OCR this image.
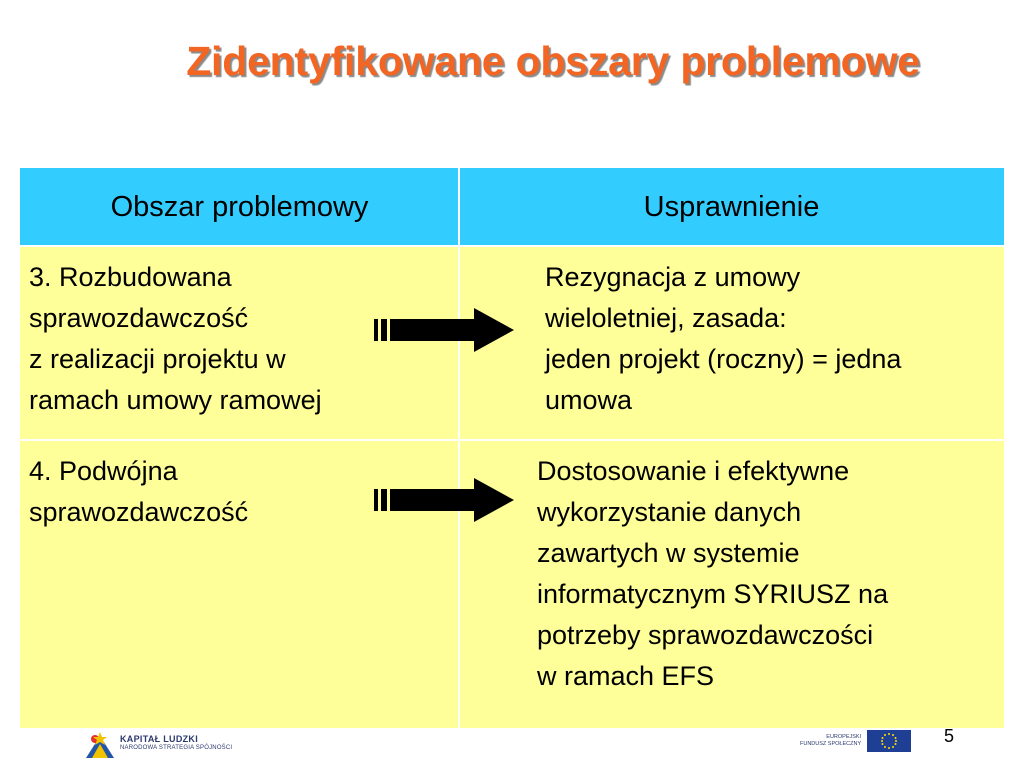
Zidentyfikowane obszary problemowe
Obszar problemowy	Usprawnienie
3. Rozbudowana
sprawozdawczość
z realizacji projektu w
ramach umowy ramowej
Rezygnacja z umowy
wieloletniej, zasada:
jeden projekt (roczny) = jedna
umowa
4. Podwójna
sprawozdawczość
Dostosowanie i efektywne
wykorzystanie danych
zawartych w systemie
informatycznym SYRIUSZ na
potrzeby sprawozdawczości
w ramach EFS
KAPITAŁ LUDZKI
NARODOWA STRATEGIA SPÓJNOŚCI
EUROPEJSKI
FUNDUSZ SPOŁECZNY	5
